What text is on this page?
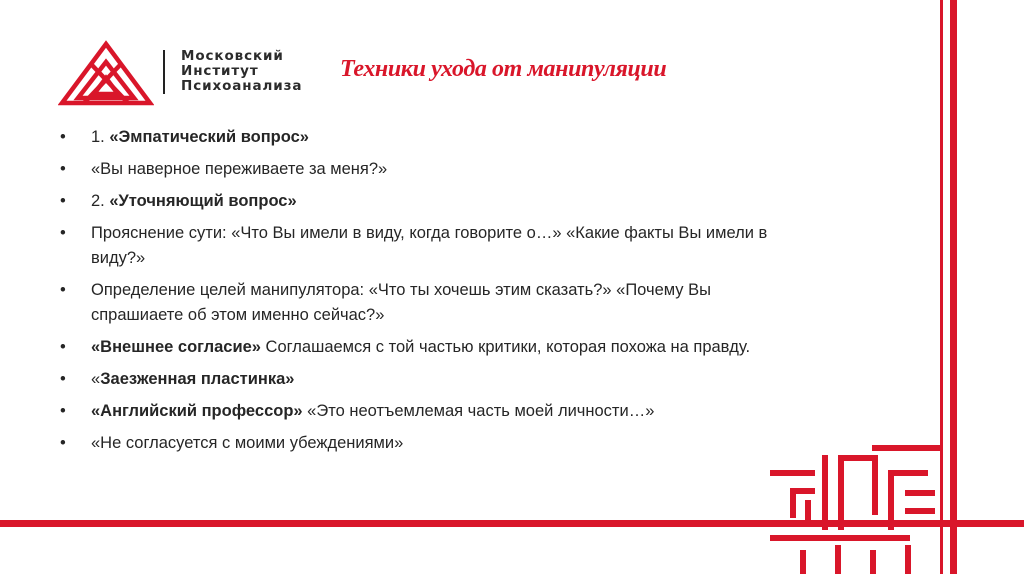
Московский
Институт
Психоанализа
Техники ухода от манипуляции
• 1. «Эмпатический вопрос»
• «Вы наверное переживаете за меня?»
• 2. «Уточняющий вопрос»
• Прояснение сути: «Что Вы имели в виду, когда говорите о…» «Какие факты Вы имели в виду?»
• Определение целей манипулятора: «Что ты хочешь этим сказать?» «Почему Вы спрашиаете об этом именно сейчас?»
• «Внешнее согласие» Соглашаемся с той частью критики, которая похожа на правду.
• «Заезженная пластинка»
• «Английский профессор» «Это неотъемлемая часть моей личности…»
• «Не согласуется с моими убеждениями»
